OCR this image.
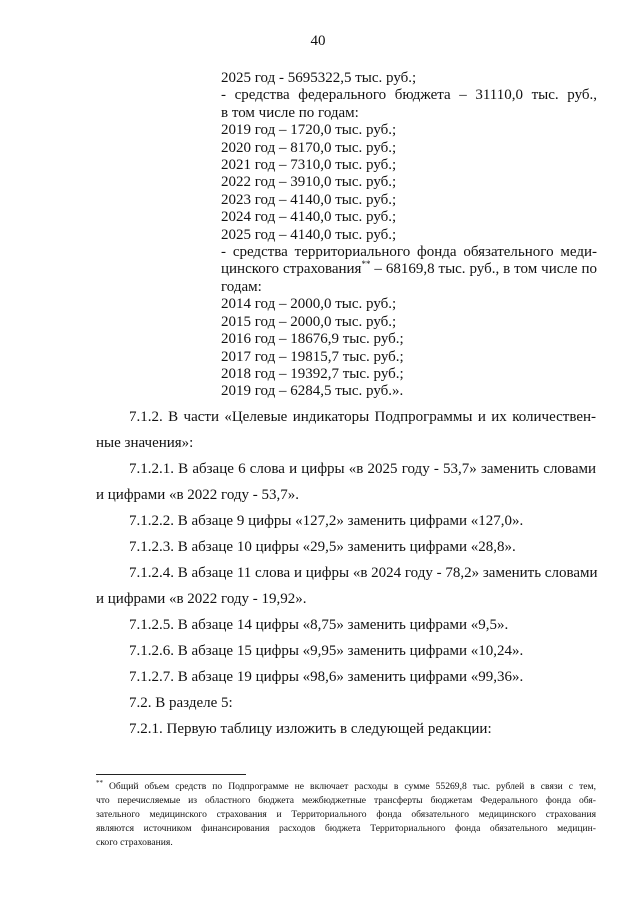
40
2025 год - 5695322,5 тыс. руб.;
- средства федерального бюджета – 31110,0 тыс. руб.,
в том числе по годам:
2019 год – 1720,0 тыс. руб.;
2020 год – 8170,0 тыс. руб.;
2021 год – 7310,0 тыс. руб.;
2022 год – 3910,0 тыс. руб.;
2023 год – 4140,0 тыс. руб.;
2024 год – 4140,0 тыс. руб.;
2025 год – 4140,0 тыс. руб.;
- средства территориального фонда обязательного меди-
цинского страхования** – 68169,8 тыс. руб., в том числе по
годам:
2014 год – 2000,0 тыс. руб.;
2015 год – 2000,0 тыс. руб.;
2016 год – 18676,9 тыс. руб.;
2017 год – 19815,7 тыс. руб.;
2018 год – 19392,7 тыс. руб.;
2019 год – 6284,5 тыс. руб.».
7.1.2. В части «Целевые индикаторы Подпрограммы и их количествен-
ные значения»:
7.1.2.1. В абзаце 6 слова и цифры «в 2025 году - 53,7» заменить словами
и цифрами «в 2022 году - 53,7».
7.1.2.2. В абзаце 9 цифры «127,2» заменить цифрами «127,0».
7.1.2.3. В абзаце 10 цифры «29,5» заменить цифрами «28,8».
7.1.2.4. В абзаце 11 слова и цифры «в 2024 году - 78,2» заменить словами
и цифрами «в 2022 году - 19,92».
7.1.2.5. В абзаце 14 цифры «8,75» заменить цифрами «9,5».
7.1.2.6. В абзаце 15 цифры «9,95» заменить цифрами «10,24».
7.1.2.7. В абзаце 19 цифры «98,6» заменить цифрами «99,36».
7.2. В разделе 5:
7.2.1. Первую таблицу изложить в следующей редакции:
** Общий объем средств по Подпрограмме не включает расходы в сумме 55269,8 тыс. рублей в связи с тем,
что перечисляемые из областного бюджета межбюджетные трансферты бюджетам Федерального фонда обя-
зательного медицинского страхования и Территориального фонда обязательного медицинского страхования
являются источником финансирования расходов бюджета Территориального фонда обязательного медицин-
ского страхования.
